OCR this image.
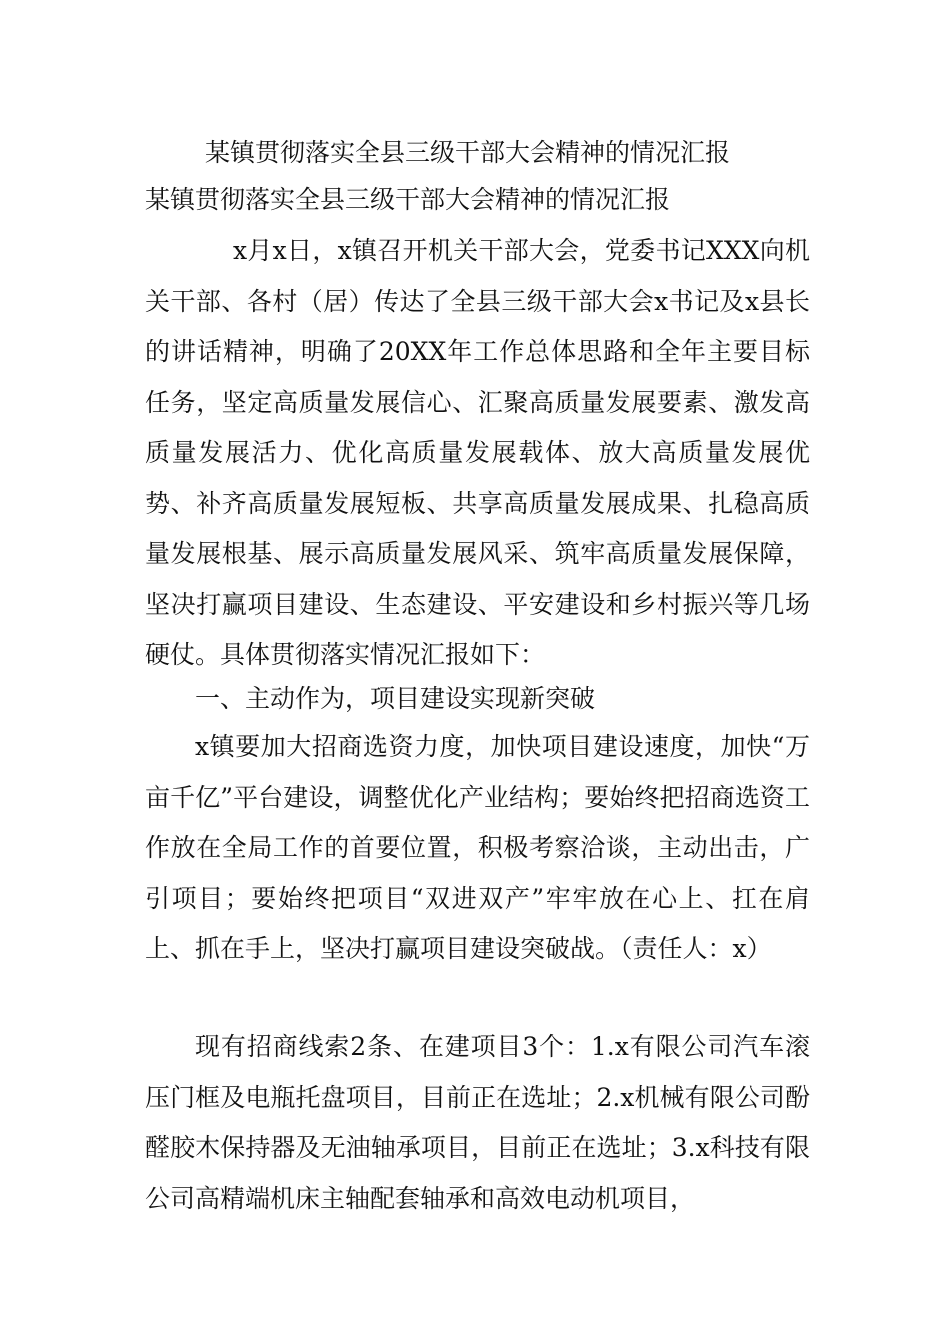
某镇贯彻落实全县三级干部大会精神的情况汇报
某镇贯彻落实全县三级干部大会精神的情况汇报

x月x日，x镇召开机关干部大会，党委书记XXX向机关干部、各村（居）传达了全县三级干部大会x书记及x县长的讲话精神，明确了20XX年工作总体思路和全年主要目标任务，坚定高质量发展信心、汇聚高质量发展要素、激发高质量发展活力、优化高质量发展载体、放大高质量发展优势、补齐高质量发展短板、共享高质量发展成果、扎稳高质量发展根基、展示高质量发展风采、筑牢高质量发展保障，坚决打赢项目建设、生态建设、平安建设和乡村振兴等几场硬仗。具体贯彻落实情况汇报如下：

一、主动作为，项目建设实现新突破

x镇要加大招商选资力度，加快项目建设速度，加快“万亩千亿”平台建设，调整优化产业结构；要始终把招商选资工作放在全局工作的首要位置，积极考察洽谈，主动出击，广引项目；要始终把项目“双进双产”牢牢放在心上、扛在肩上、抓在手上，坚决打赢项目建设突破战。（责任人：x）

现有招商线索2条、在建项目3个：1.x有限公司汽车滚压门框及电瓶托盘项目，目前正在选址；2.x机械有限公司酚醛胶木保持器及无油轴承项目，目前正在选址；3.x科技有限公司高精端机床主轴配套轴承和高效电动机项目，
